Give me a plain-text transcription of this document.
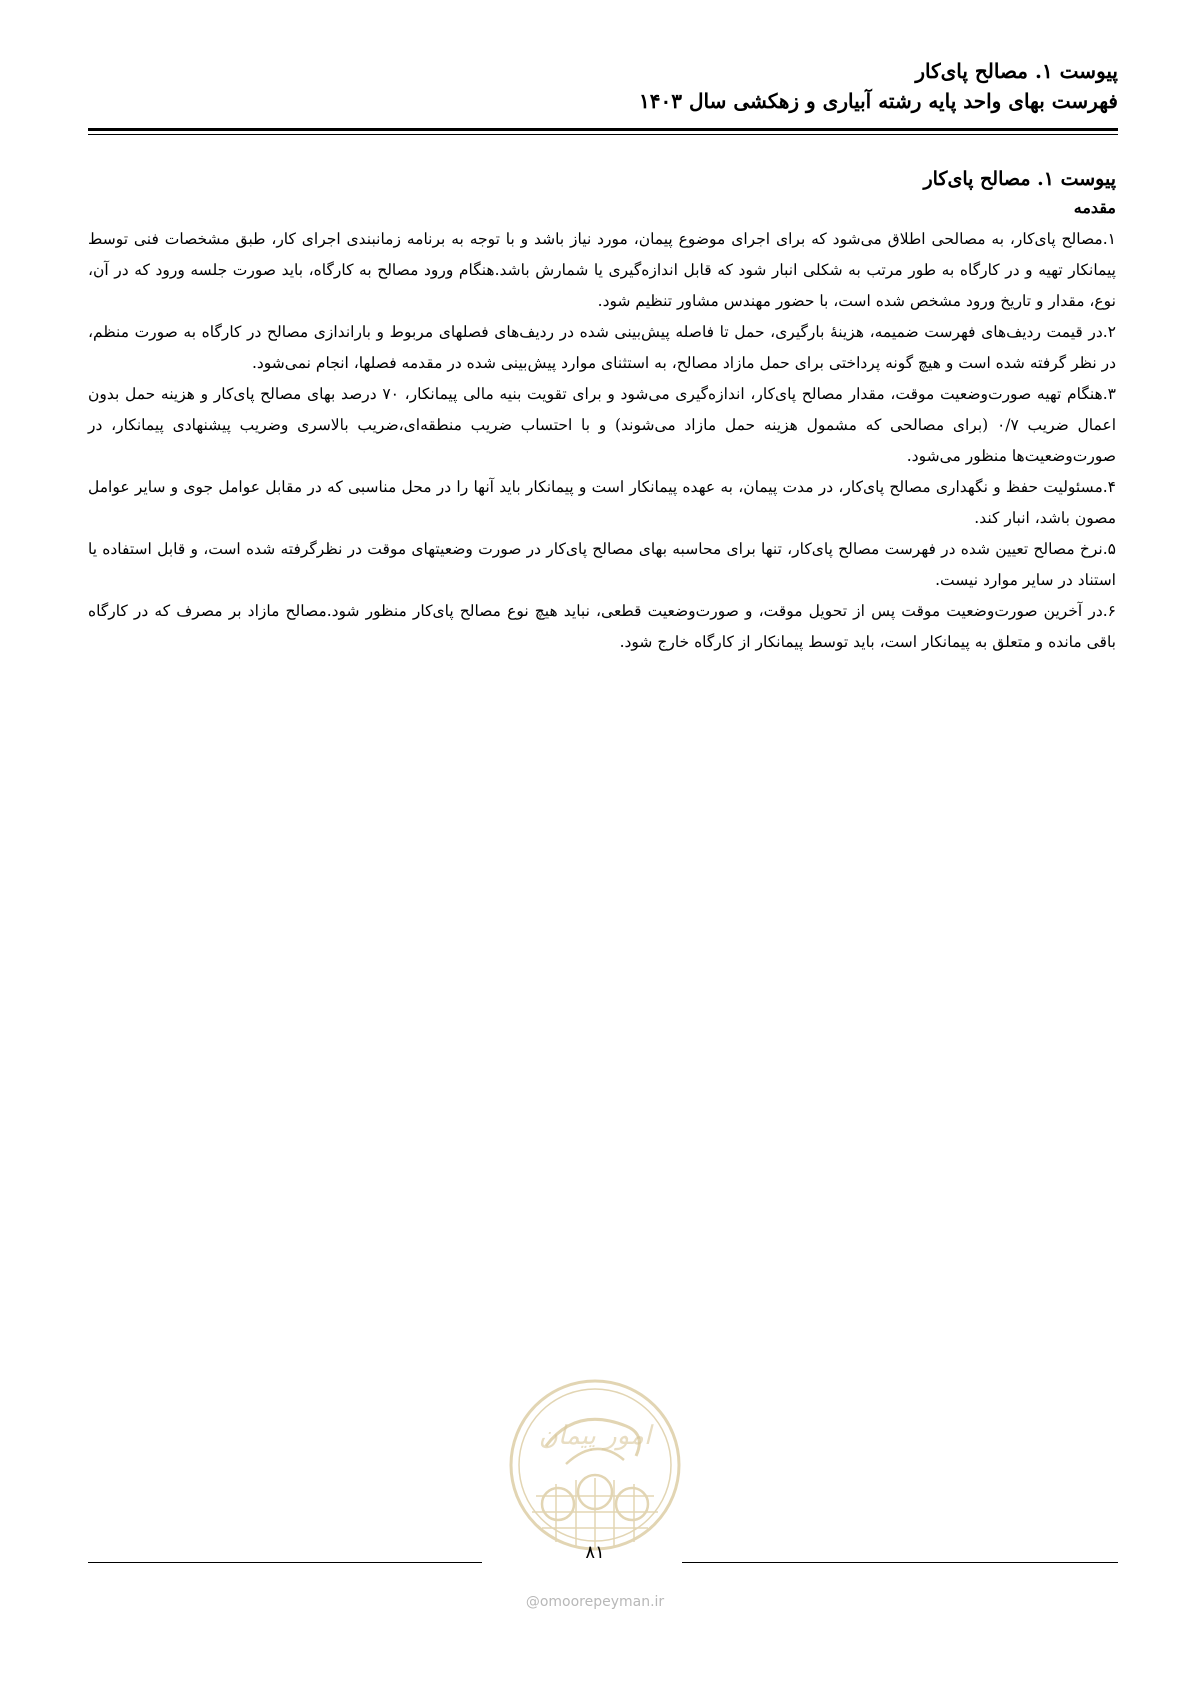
پیوست ۱. مصالح پای‌کار
فهرست بهای واحد پایه رشته آبیاری و زهکشی سال ۱۴۰۳
پیوست ۱. مصالح پای‌کار
مقدمه

۱.مصالح پای‌کار، به مصالحی اطلاق می‌شود که برای اجرای موضوع پیمان، مورد نیاز باشد و با توجه به برنامه زمانبندی اجرای کار، طبق مشخصات فنی توسط پیمانکار تهیه و در کارگاه به طور مرتب به شکلی انبار شود که قابل اندازه‌گیری یا شمارش باشد.هنگام ورود مصالح به کارگاه، باید صورت جلسه ورود که در آن، نوع، مقدار و تاریخ ورود مشخص شده است، با حضور مهندس مشاور تنظیم شود.

۲.در قیمت ردیف‌های فهرست ضمیمه، هزینهٔ بارگیری، حمل تا فاصله پیش‌بینی شده در ردیف‌های فصلهای مربوط و باراندازی مصالح در کارگاه به صورت منظم، در نظر گرفته شده است و هیچ گونه پرداختی برای حمل مازاد مصالح، به استثنای موارد پیش‌بینی شده در مقدمه فصلها، انجام نمی‌شود.

۳.هنگام تهیه صورت‌وضعیت موقت، مقدار مصالح پای‌کار، اندازه‌گیری می‌شود و برای تقویت بنیه مالی پیمانکار، ۷۰ درصد بهای مصالح پای‌کار و هزینه حمل بدون اعمال ضریب ۰/۷ (برای مصالحی که مشمول هزینه حمل مازاد می‌شوند) و با احتساب ضریب منطقه‌ای،ضریب بالاسری وضریب پیشنهادی پیمانکار، در صورت‌وضعیت‌ها منظور می‌شود.

۴.مسئولیت حفظ و نگهداری مصالح پای‌کار، در مدت پیمان، به عهده پیمانکار است و پیمانکار باید آنها را در محل مناسبی که در مقابل عوامل جوی و سایر عوامل مصون باشد، انبار کند.

۵.نرخ مصالح تعیین شده در فهرست مصالح پای‌کار، تنها برای محاسبه بهای مصالح پای‌کار در صورت وضعیتهای موقت در نظرگرفته شده است، و قابل استفاده یا استناد در سایر موارد نیست.

۶.در آخرین صورت‌وضعیت موقت پس از تحویل موقت، و صورت‌وضعیت قطعی، نباید هیچ نوع مصالح پای‌کار منظور شود.مصالح مازاد بر مصرف که در کارگاه باقی مانده و متعلق به پیمانکار است، باید توسط پیمانکار از کارگاه خارج شود.

امور پیمان
۸۱
@omoorepeyman.ir
